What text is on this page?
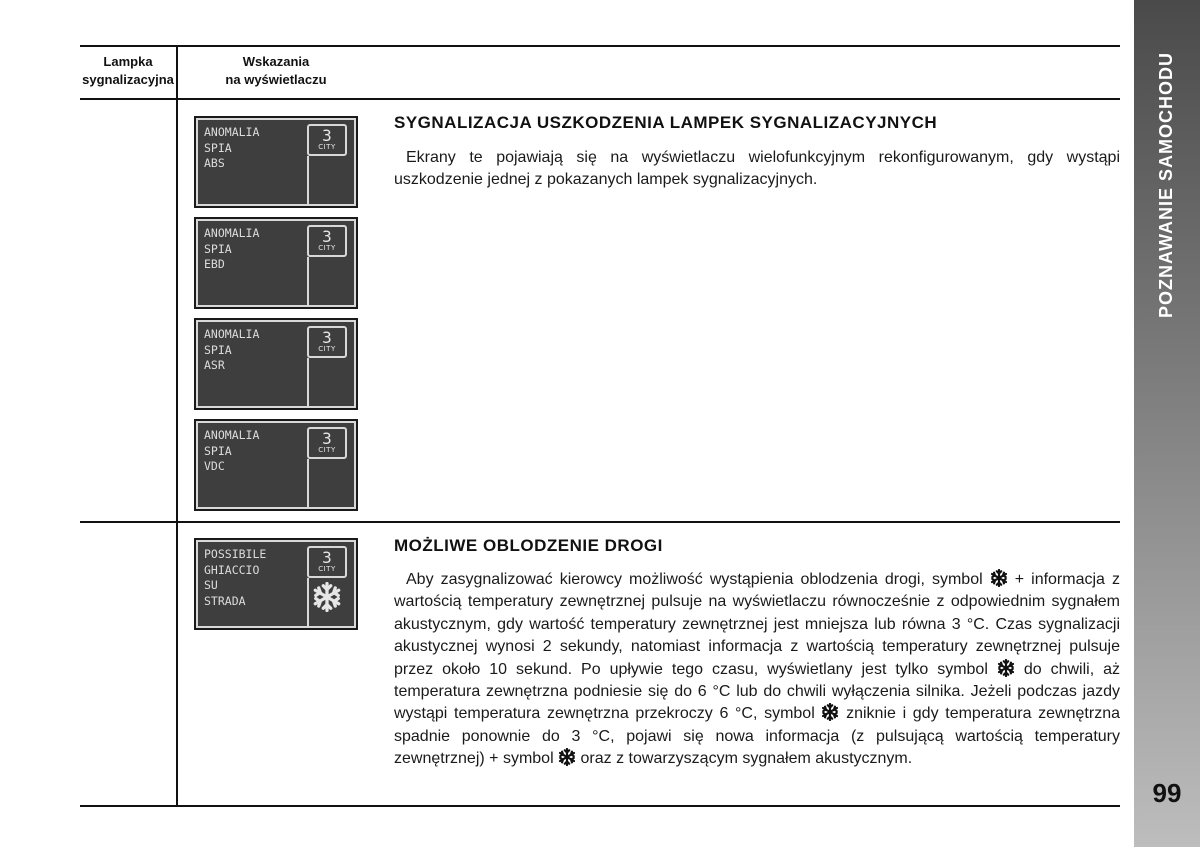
POZNAWANIE SAMOCHODU
99
Lampka
sygnalizacyjna
Wskazania
na wyświetlaczu
ANOMALIA
SPIA
ABS
3
CITY
ANOMALIA
SPIA
EBD
3
CITY
ANOMALIA
SPIA
ASR
3
CITY
ANOMALIA
SPIA
VDC
3
CITY
POSSIBILE
GHIACCIO
SU
STRADA
3
CITY
SYGNALIZACJA USZKODZENIA LAMPEK SYGNALIZACYJNYCH
Ekrany te pojawiają się na wyświetlaczu wielofunkcyjnym rekonfigurowanym, gdy wystąpi uszkodzenie jednej z pokazanych lampek sygnalizacyjnych.
MOŻLIWE OBLODZENIE DROGI
Aby zasygnalizować kierowcy możliwość wystąpienia oblodzenia drogi, symbol + informacja z wartością temperatury zewnętrznej pulsuje na wyświetlaczu równocześnie z odpowiednim sygnałem akustycznym, gdy wartość temperatury zewnętrznej jest mniejsza lub równa 3 °C. Czas sygnalizacji akustycznej wynosi 2 sekundy, natomiast informacja z wartością temperatury zewnętrznej pulsuje przez około 10 sekund. Po upływie tego czasu, wyświetlany jest tylko symbol do chwili, aż temperatura zewnętrzna podniesie się do 6 °C lub do chwili wyłączenia silnika. Jeżeli podczas jazdy wystąpi temperatura zewnętrzna przekroczy 6 °C, symbol zniknie i gdy temperatura zewnętrzna spadnie ponownie do 3 °C, pojawi się nowa informacja (z pulsującą wartością temperatury zewnętrznej) + symbol oraz z towarzyszącym sygnałem akustycznym.
